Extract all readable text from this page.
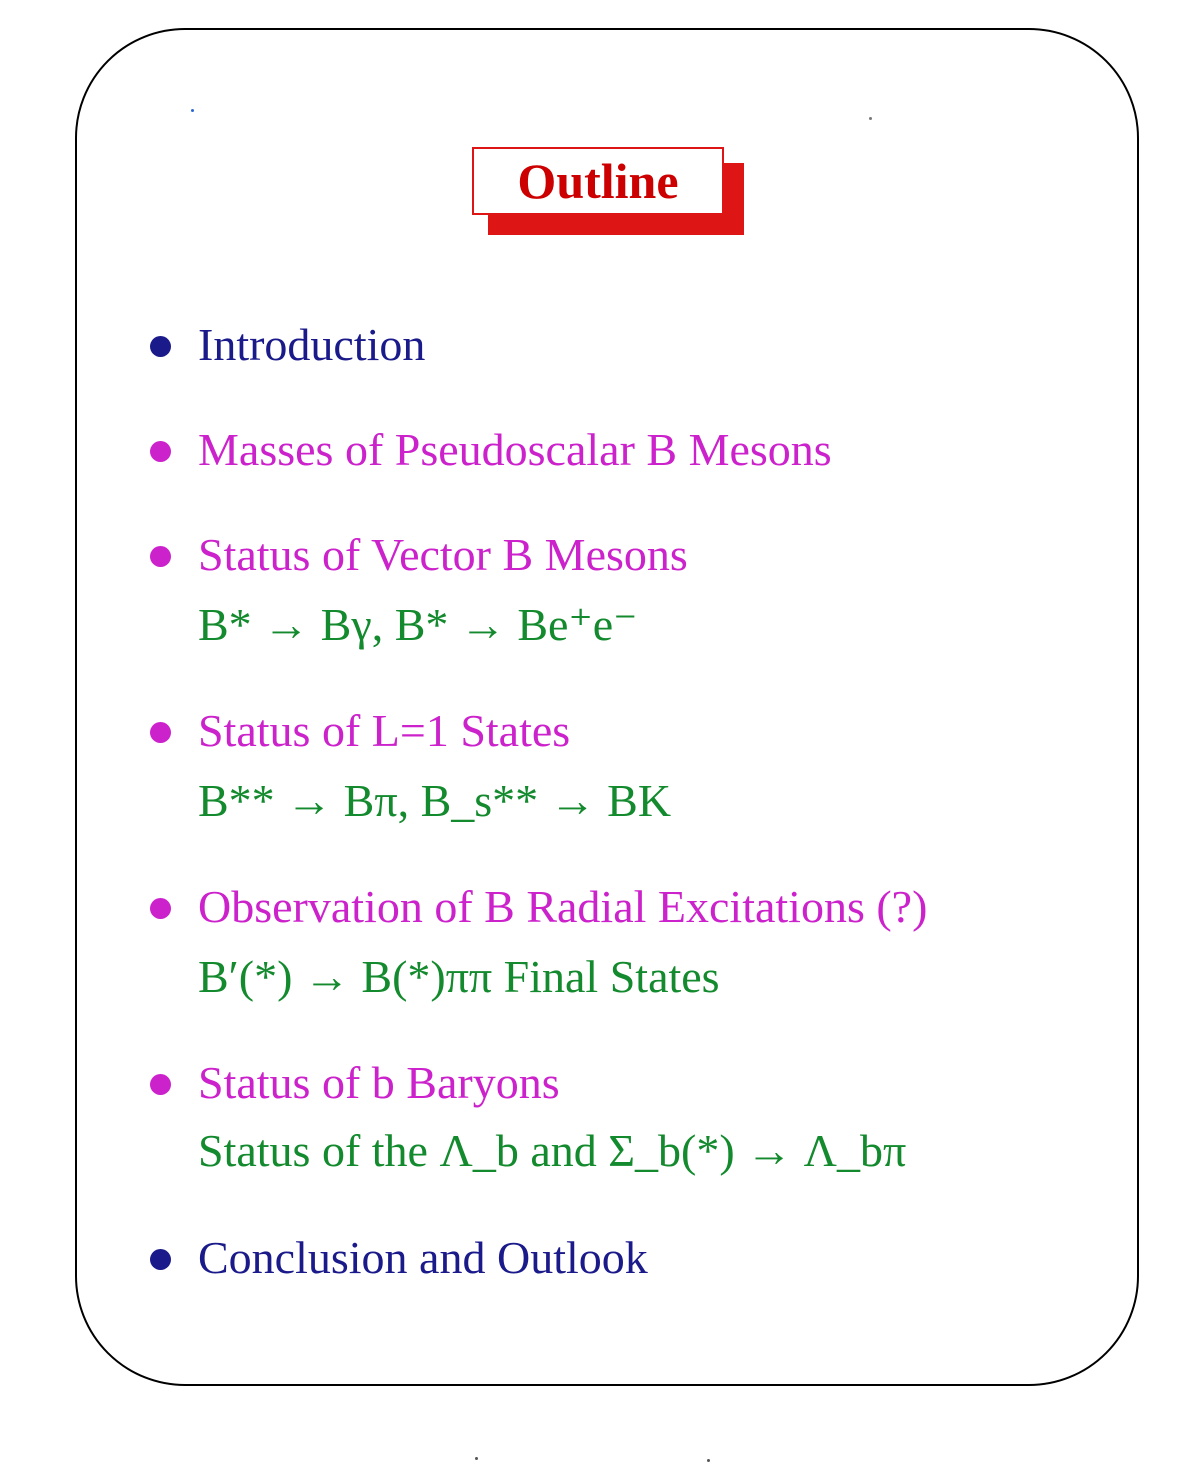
Outline
Introduction
Masses of Pseudoscalar B Mesons
Status of Vector B Mesons
B* → Bγ, B* → Be⁺e⁻
Status of L=1 States
B** → Bπ, B_s** → BK
Observation of B Radial Excitations (?)
B′(*) → B(*)ππ Final States
Status of b Baryons
Status of the Λ_b and Σ_b(*) → Λ_bπ
Conclusion and Outlook
